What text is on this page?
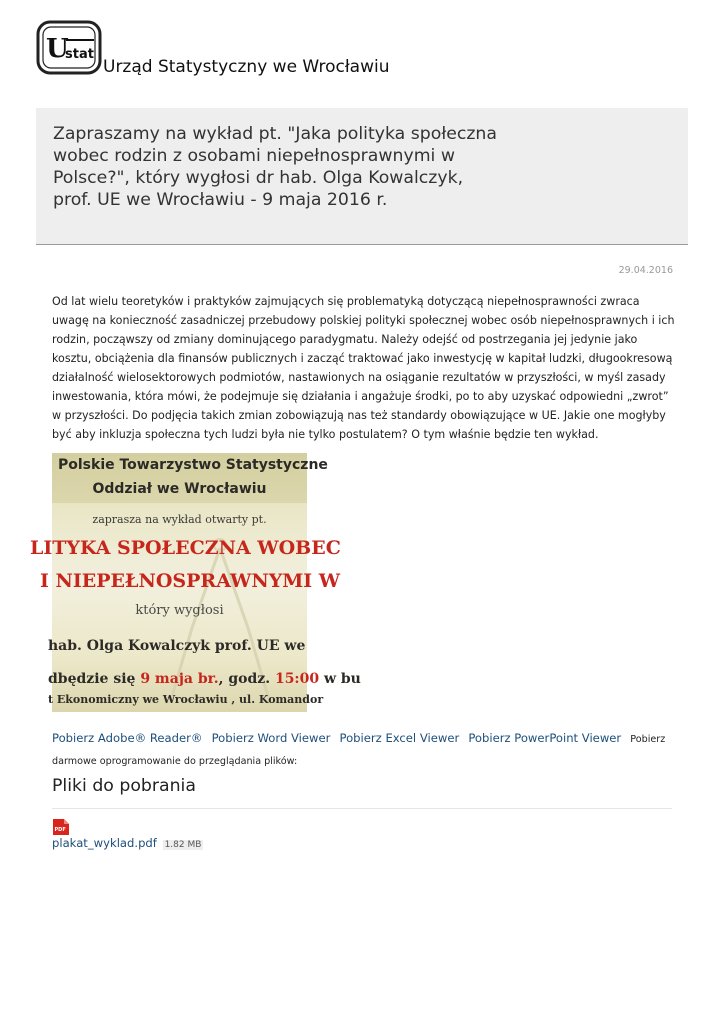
U
stat
Urząd Statystyczny we Wrocławiu
Zapraszamy na wykład pt. "Jaka polityka społeczna wobec rodzin z osobami niepełnosprawnymi w Polsce?", który wygłosi dr hab. Olga Kowalczyk, prof. UE we Wrocławiu - 9 maja 2016 r.
29.04.2016
Od lat wielu teoretyków i praktyków zajmujących się problematyką dotyczącą niepełnosprawności zwraca uwagę na konieczność zasadniczej przebudowy polskiej polityki społecznej wobec osób niepełnosprawnych i ich rodzin, począwszy od zmiany dominującego paradygmatu. Należy odejść od postrzegania jej jedynie jako kosztu, obciążenia dla finansów publicznych i zacząć traktować jako inwestycję w kapitał ludzki, długookresową działalność wielosektorowych podmiotów, nastawionych na osiąganie rezultatów w przyszłości, w myśl zasady inwestowania, która mówi, że podejmuje się działania i angażuje środki, po to aby uzyskać odpowiedni „zwrot” w przyszłości. Do podjęcia takich zmian zobowiązują nas też standardy obowiązujące w UE. Jakie one mogłyby być aby inkluzja społeczna tych ludzi była nie tylko postulatem? O tym właśnie będzie ten wykład.
Polskie Towarzystwo Statystyczne
Oddział we Wrocławiu
zaprasza na wykład otwarty pt.
LITYKA SPOŁECZNA WOBEC
I NIEPEŁNOSPRAWNYMI W
który wygłosi
hab. Olga Kowalczyk prof. UE we
dbędzie się 9 maja br., godz. 15:00 w bu
t Ekonomiczny we Wrocławiu , ul. Komandor
Pobierz Adobe® Reader® Pobierz Word Viewer Pobierz Excel Viewer Pobierz PowerPoint Viewer Pobierz darmowe oprogramowanie do przeglądania plików:
Pliki do pobrania
PDF
plakat_wyklad.pdf 1.82 MB
